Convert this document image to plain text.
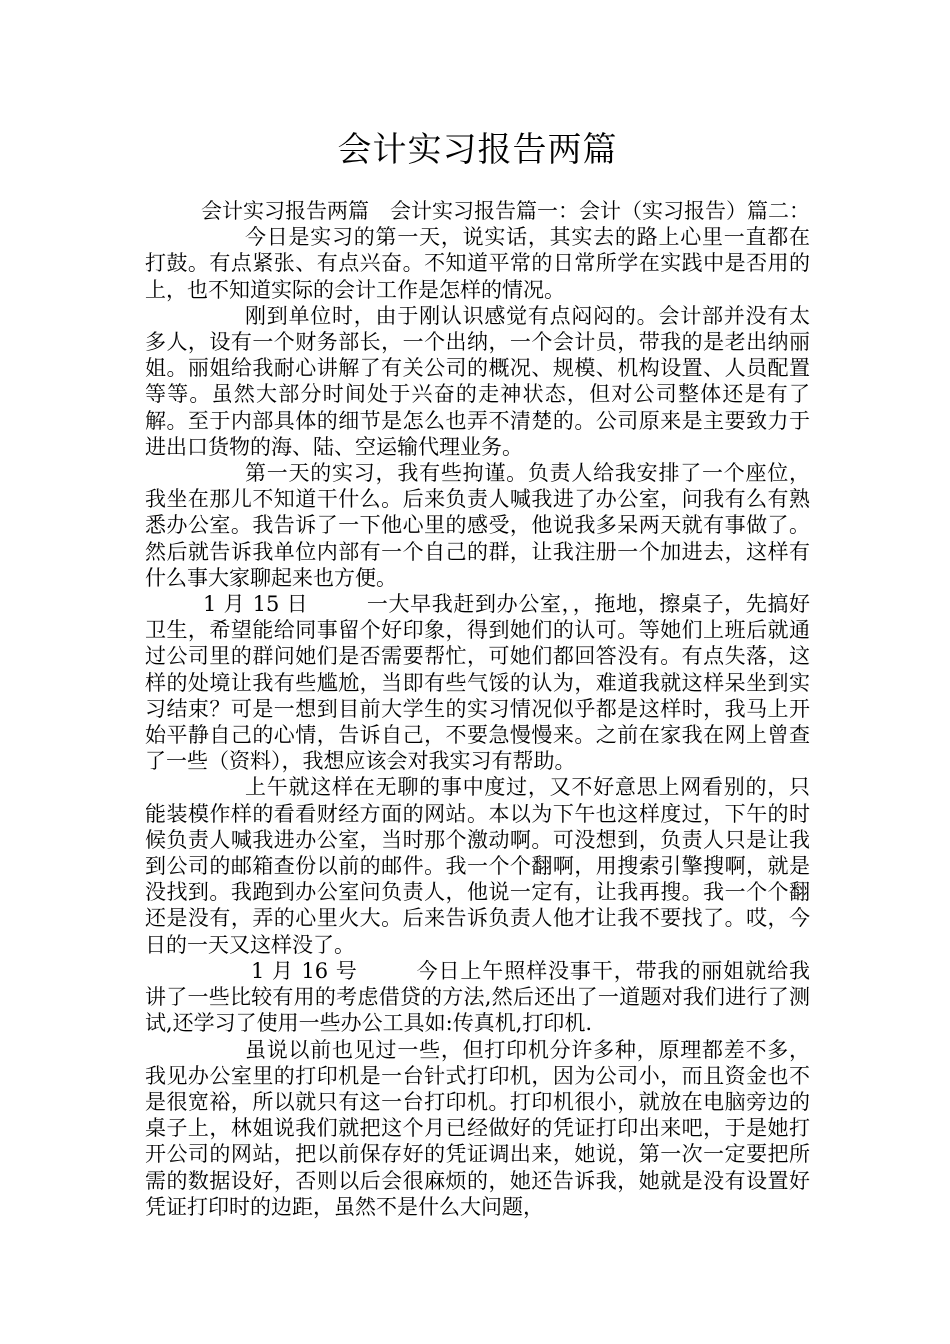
会计实习报告两篇

会计实习报告两篇　会计实习报告篇一：会计（实习报告）篇二：

今日是实习的第一天，说实话，其实去的路上心里一直都在打鼓。有点紧张、有点兴奋。不知道平常的日常所学在实践中是否用的上，也不知道实际的会计工作是怎样的情况。

刚到单位时，由于刚认识感觉有点闷闷的。会计部并没有太多人，设有一个财务部长，一个出纳，一个会计员，带我的是老出纳丽姐。丽姐给我耐心讲解了有关公司的概况、规模、机构设置、人员配置等等。虽然大部分时间处于兴奋的走神状态，但对公司整体还是有了解。至于内部具体的细节是怎么也弄不清楚的。公司原来是主要致力于进出口货物的海、陆、空运输代理业务。

第一天的实习，我有些拘谨。负责人给我安排了一个座位，我坐在那儿不知道干什么。后来负责人喊我进了办公室，问我有么有熟悉办公室。我告诉了一下他心里的感受，他说我多呆两天就有事做了。然后就告诉我单位内部有一个自己的群，让我注册一个加进去，这样有什么事大家聊起来也方便。

1 月 15 日	一大早我赶到办公室，，拖地，擦桌子，先搞好卫生，希望能给同事留个好印象，得到她们的认可。等她们上班后就通过公司里的群问她们是否需要帮忙，可她们都回答没有。有点失落，这样的处境让我有些尴尬，当即有些气馁的认为，难道我就这样呆坐到实习结束？可是一想到目前大学生的实习情况似乎都是这样时，我马上开始平静自己的心情，告诉自己，不要急慢慢来。之前在家我在网上曾查了一些（资料），我想应该会对我实习有帮助。

上午就这样在无聊的事中度过，又不好意思上网看别的，只能装模作样的看看财经方面的网站。本以为下午也这样度过，下午的时候负责人喊我进办公室，当时那个激动啊。可没想到，负责人只是让我到公司的邮箱查份以前的邮件。我一个个翻啊，用搜索引擎搜啊，就是没找到。我跑到办公室问负责人，他说一定有，让我再搜。我一个个翻还是没有，弄的心里火大。后来告诉负责人他才让我不要找了。哎，今日的一天又这样没了。

1 月 16 号	今日上午照样没事干，带我的丽姐就给我讲了一些比较有用的考虑借贷的方法,然后还出了一道题对我们进行了测试,还学习了使用一些办公工具如:传真机,打印机.

虽说以前也见过一些，但打印机分许多种，原理都差不多，我见办公室里的打印机是一台针式打印机，因为公司小，而且资金也不是很宽裕，所以就只有这一台打印机。打印机很小，就放在电脑旁边的桌子上，林姐说我们就把这个月已经做好的凭证打印出来吧，于是她打开公司的网站，把以前保存好的凭证调出来，她说，第一次一定要把所需的数据设好，否则以后会很麻烦的，她还告诉我，她就是没有设置好凭证打印时的边距，虽然不是什么大问题，
